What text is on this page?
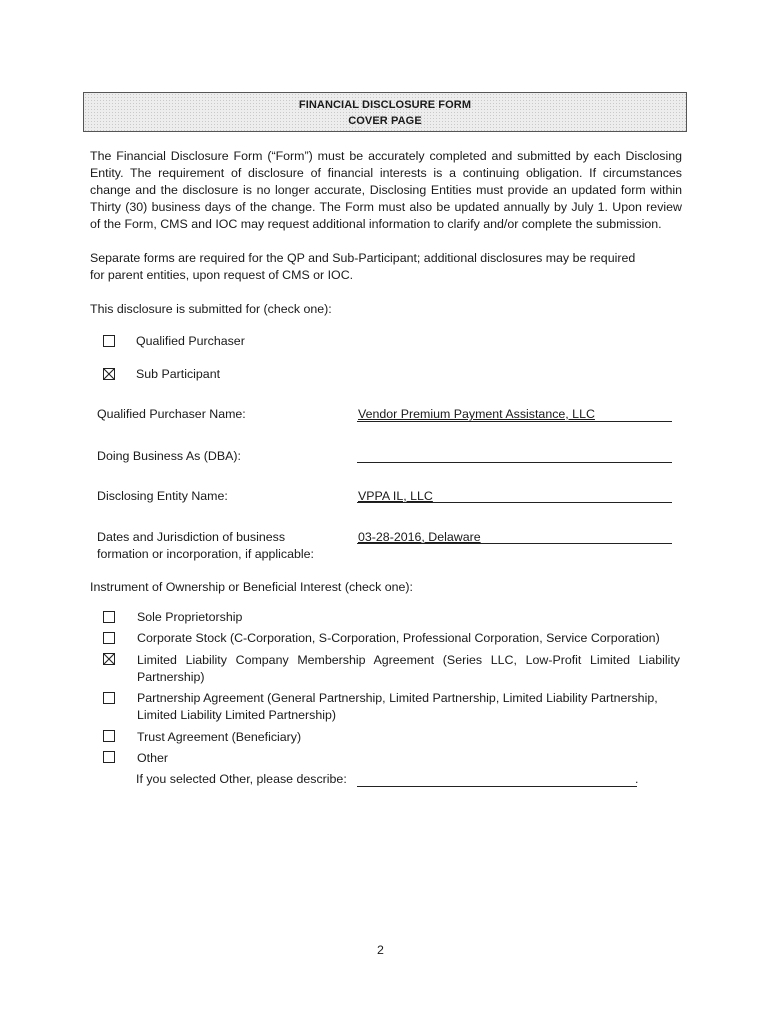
FINANCIAL DISCLOSURE FORM
COVER PAGE
The Financial Disclosure Form (“Form”) must be accurately completed and submitted by each Disclosing
Entity. The requirement of disclosure of financial interests is a continuing obligation. If circumstances
change and the disclosure is no longer accurate, Disclosing Entities must provide an updated form within
Thirty (30) business days of the change. The Form must also be updated annually by July 1. Upon review
of the Form, CMS and IOC may request additional information to clarify and/or complete the submission.
Separate forms are required for the QP and Sub-Participant; additional disclosures may be required
for parent entities, upon request of CMS or IOC.
This disclosure is submitted for (check one):
Qualified Purchaser
Sub Participant
Qualified Purchaser Name:	Vendor Premium Payment Assistance, LLC
Doing Business As (DBA):
Disclosing Entity Name:	VPPA IL, LLC
Dates and Jurisdiction of business
formation or incorporation, if applicable:
03-28-2016, Delaware
Instrument of Ownership or Beneficial Interest (check one):
Sole Proprietorship
Corporate Stock (C-Corporation, S-Corporation, Professional Corporation, Service Corporation)
Limited Liability Company Membership Agreement (Series LLC, Low-Profit Limited Liability
Partnership)
Partnership Agreement (General Partnership, Limited Partnership, Limited Liability Partnership,
Limited Liability Limited Partnership)
Trust Agreement (Beneficiary)
Other
If you selected Other, please describe:	.
2
